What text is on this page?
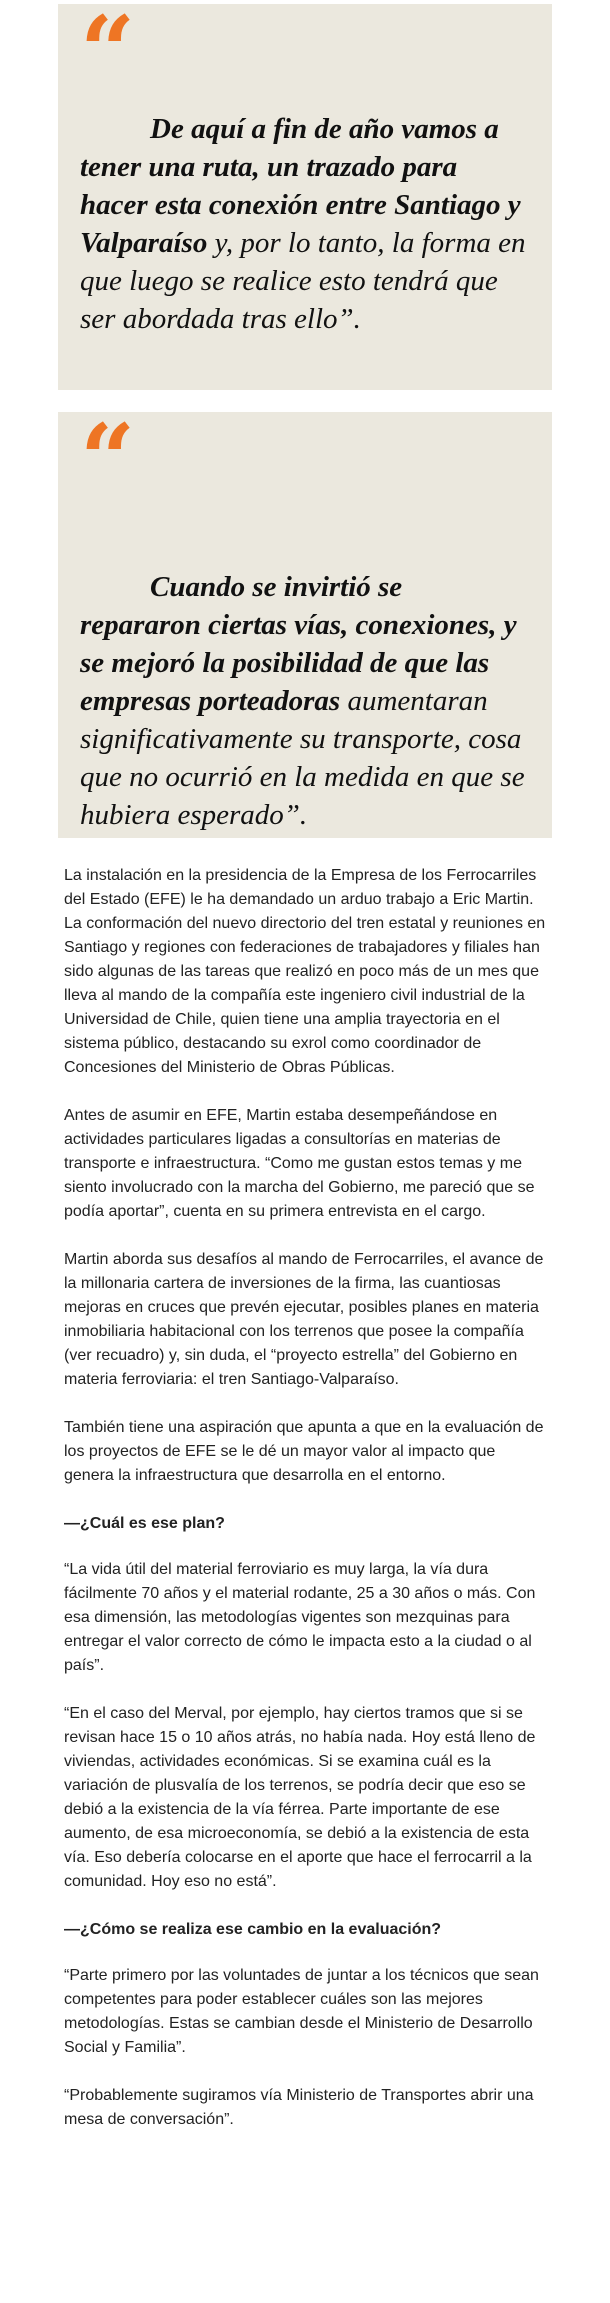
“

De aquí a fin de año vamos a tener una ruta, un trazado para hacer esta conexión entre Santiago y Valparaíso y, por lo tanto, la forma en que luego se realice esto tendrá que ser abordada tras ello”.

“

Cuando se invirtió se repararon ciertas vías, conexiones, y se mejoró la posibilidad de que las empresas porteadoras aumentaran significativamente su transporte, cosa que no ocurrió en la medida en que se hubiera esperado”.

La instalación en la presidencia de la Empresa de los Ferrocarriles del Estado (EFE) le ha demandado un arduo trabajo a Eric Martin. La conformación del nuevo directorio del tren estatal y reuniones en Santiago y regiones con federaciones de trabajadores y filiales han sido algunas de las tareas que realizó en poco más de un mes que lleva al mando de la compañía este ingeniero civil industrial de la Universidad de Chile, quien tiene una amplia trayectoria en el sistema público, destacando su exrol como coordinador de Concesiones del Ministerio de Obras Públicas.

Antes de asumir en EFE, Martin estaba desempeñándose en actividades particulares ligadas a consultorías en materias de transporte e infraestructura. “Como me gustan estos temas y me siento involucrado con la marcha del Gobierno, me pareció que se podía aportar”, cuenta en su primera entrevista en el cargo.

Martin aborda sus desafíos al mando de Ferrocarriles, el avance de la millonaria cartera de inversiones de la firma, las cuantiosas mejoras en cruces que prevén ejecutar, posibles planes en materia inmobiliaria habitacional con los terrenos que posee la compañía (ver recuadro) y, sin duda, el “proyecto estrella” del Gobierno en materia ferroviaria: el tren Santiago-Valparaíso.

También tiene una aspiración que apunta a que en la evaluación de los proyectos de EFE se le dé un mayor valor al impacto que genera la infraestructura que desarrolla en el entorno.

—¿Cuál es ese plan?

“La vida útil del material ferroviario es muy larga, la vía dura fácilmente 70 años y el material rodante, 25 a 30 años o más. Con esa dimensión, las metodologías vigentes son mezquinas para entregar el valor correcto de cómo le impacta esto a la ciudad o al país”.

“En el caso del Merval, por ejemplo, hay ciertos tramos que si se revisan hace 15 o 10 años atrás, no había nada. Hoy está lleno de viviendas, actividades económicas. Si se examina cuál es la variación de plusvalía de los terrenos, se podría decir que eso se debió a la existencia de la vía férrea. Parte importante de ese aumento, de esa microeconomía, se debió a la existencia de esta vía. Eso debería colocarse en el aporte que hace el ferrocarril a la comunidad. Hoy eso no está”.

—¿Cómo se realiza ese cambio en la evaluación?

“Parte primero por las voluntades de juntar a los técnicos que sean competentes para poder establecer cuáles son las mejores metodologías. Estas se cambian desde el Ministerio de Desarrollo Social y Familia”.

“Probablemente sugiramos vía Ministerio de Transportes abrir una mesa de conversación”.
